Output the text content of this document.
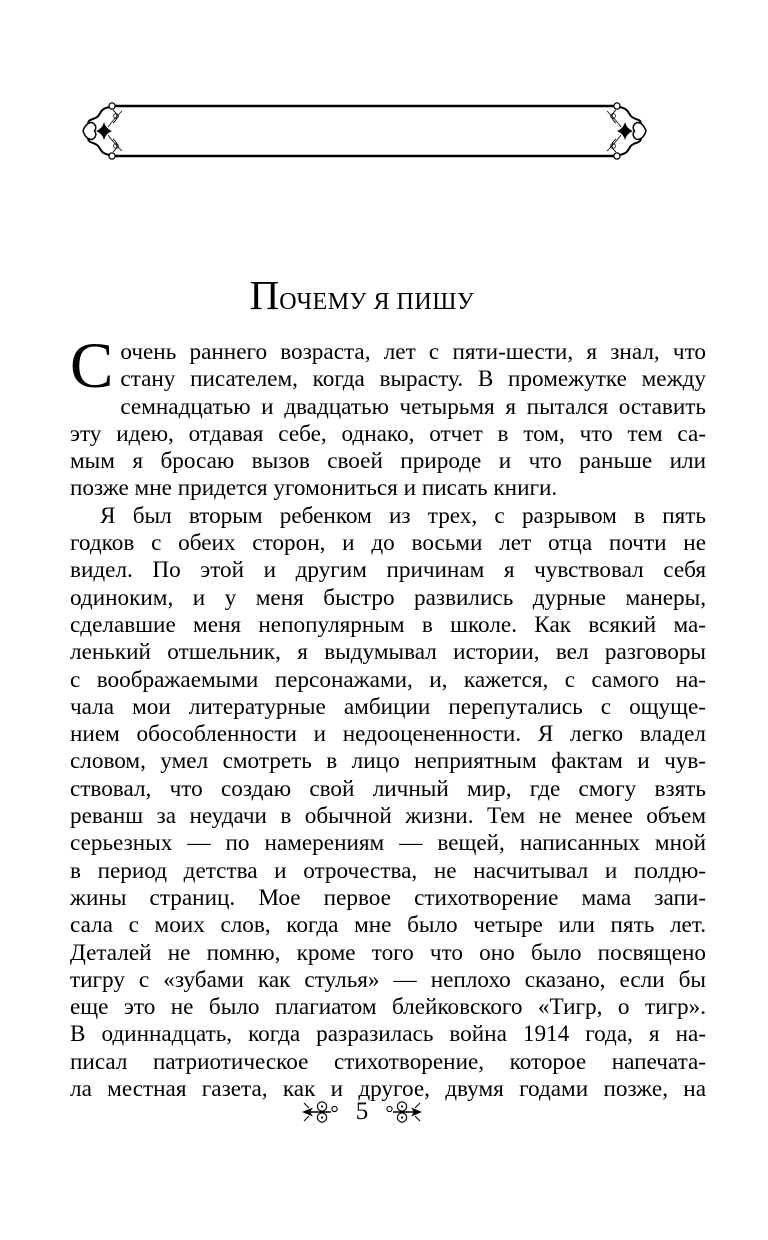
ПОЧЕМУ Я ПИШУ
С очень раннего возраста, лет с пяти-шести, я знал, что
стану писателем, когда вырасту. В промежутке между
семнадцатью и двадцатью четырьмя я пытался оставить
эту идею, отдавая себе, однако, отчет в том, что тем са-
мым я бросаю вызов своей природе и что раньше или
позже мне придется угомониться и писать книги.
Я был вторым ребенком из трех, с разрывом в пять
годков с обеих сторон, и до восьми лет отца почти не
видел. По этой и другим причинам я чувствовал себя
одиноким, и у меня быстро развились дурные манеры,
сделавшие меня непопулярным в школе. Как всякий ма-
ленький отшельник, я выдумывал истории, вел разговоры
с воображаемыми персонажами, и, кажется, с самого на-
чала мои литературные амбиции перепутались с ощуще-
нием обособленности и недооцененности. Я легко владел
словом, умел смотреть в лицо неприятным фактам и чув-
ствовал, что создаю свой личный мир, где смогу взять
реванш за неудачи в обычной жизни. Тем не менее объем
серьезных — по намерениям — вещей, написанных мной
в период детства и отрочества, не насчитывал и полдю-
жины страниц. Мое первое стихотворение мама запи-
сала с моих слов, когда мне было четыре или пять лет.
Деталей не помню, кроме того что оно было посвящено
тигру с «зубами как стулья» — неплохо сказано, если бы
еще это не было плагиатом блейковского «Тигр, о тигр».
В одиннадцать, когда разразилась война 1914 года, я на-
писал патриотическое стихотворение, которое напечата-
ла местная газета, как и другое, двумя годами позже, на
5
